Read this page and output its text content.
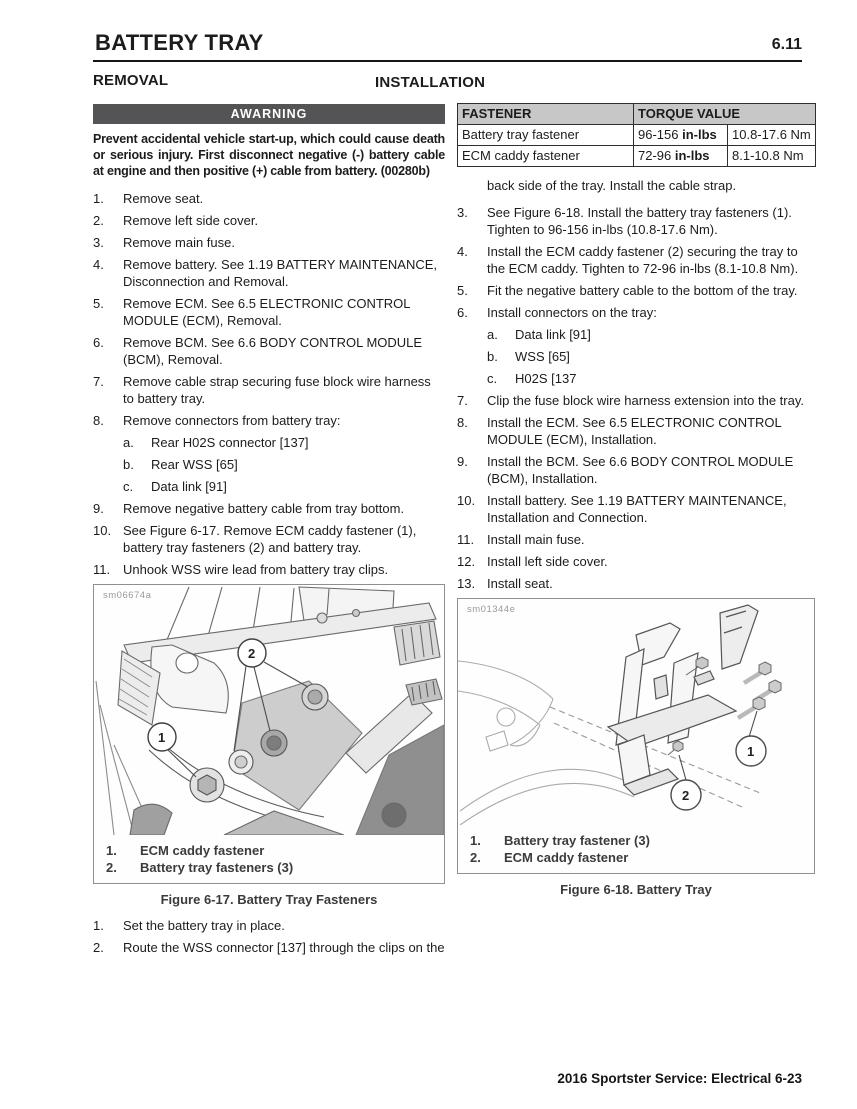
BATTERY TRAY	6.11
REMOVAL	INSTALLATION
AWARNING
Prevent accidental vehicle start-up, which could cause death or serious injury. First disconnect negative (-) battery cable at engine and then positive (+) cable from battery. (00280b)
1.	Remove seat.
2.	Remove left side cover.
3.	Remove main fuse.
4.	Remove battery. See 1.19 BATTERY MAINTENANCE, Disconnection and Removal.
5.	Remove ECM. See 6.5 ELECTRONIC CONTROL MODULE (ECM), Removal.
6.	Remove BCM. See 6.6 BODY CONTROL MODULE (BCM), Removal.
7.	Remove cable strap securing fuse block wire harness to battery tray.
8.	Remove connectors from battery tray:
a.	Rear H02S connector [137]
b.	Rear WSS [65]
c.	Data link [91]
9.	Remove negative battery cable from tray bottom.
10. See Figure 6-17. Remove ECM caddy fastener (1), battery tray fasteners (2) and battery tray.
11. Unhook WSS wire lead from battery tray clips.
sm06674a
1
2
1.	ECM caddy fastener
2.	Battery tray fasteners (3)
Figure 6-17. Battery Tray Fasteners
1.	Set the battery tray in place.
2.	Route the WSS connector [137] through the clips on the
FASTENER	TORQUE VALUE	
Battery tray fastener	96-156 in-lbs	10.8-17.6 Nm
ECM caddy fastener	72-96 in-lbs	8.1-10.8 Nm
back side of the tray. Install the cable strap.
3.	See Figure 6-18. Install the battery tray fasteners (1). Tighten to 96-156 in-lbs (10.8-17.6 Nm).
4.	Install the ECM caddy fastener (2) securing the tray to the ECM caddy. Tighten to 72-96 in-lbs (8.1-10.8 Nm).
5.	Fit the negative battery cable to the bottom of the tray.
6.	Install connectors on the tray:
a.	Data link [91]
b.	WSS [65]
c.	H02S [137
7.	Clip the fuse block wire harness extension into the tray.
8.	Install the ECM. See 6.5 ELECTRONIC CONTROL MODULE (ECM), Installation.
9.	Install the BCM. See 6.6 BODY CONTROL MODULE (BCM), Installation.
10. Install battery. See 1.19 BATTERY MAINTENANCE, Installation and Connection.
11. Install main fuse.
12. Install left side cover.
13. Install seat.
sm01344e
1
2
1.	Battery tray fastener (3)
2.	ECM caddy fastener
Figure 6-18. Battery Tray
2016 Sportster Service: Electrical 6-23
